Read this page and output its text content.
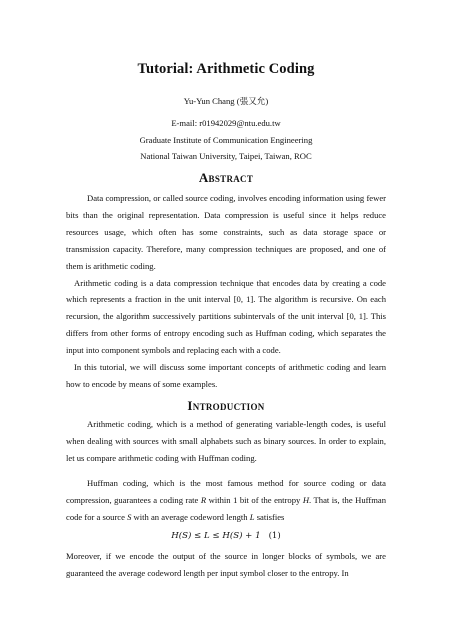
Tutorial: Arithmetic Coding
Yu-Yun Chang (張又允)
E-mail: r01942029@ntu.edu.tw
Graduate Institute of Communication Engineering
National Taiwan University, Taipei, Taiwan, ROC
Abstract

Data compression, or called source coding, involves encoding information using fewer bits than the original representation. Data compression is useful since it helps reduce resources usage, which often has some constraints, such as data storage space or transmission capacity. Therefore, many compression techniques are proposed, and one of them is arithmetic coding.

Arithmetic coding is a data compression technique that encodes data by creating a code which represents a fraction in the unit interval [0, 1]. The algorithm is recursive. On each recursion, the algorithm successively partitions subintervals of the unit interval [0, 1]. This differs from other forms of entropy encoding such as Huffman coding, which separates the input into component symbols and replacing each with a code.

In this tutorial, we will discuss some important concepts of arithmetic coding and learn how to encode by means of some examples.

Introduction

Arithmetic coding, which is a method of generating variable-length codes, is useful when dealing with sources with small alphabets such as binary sources. In order to explain, let us compare arithmetic coding with Huffman coding.

Huffman coding, which is the most famous method for source coding or data compression, guarantees a coding rate R within 1 bit of the entropy H. That is, the Huffman code for a source S with an average codeword length L satisfies

H(S) ≤ L ≤ H(S) + 1 (1)

Moreover, if we encode the output of the source in longer blocks of symbols, we are guaranteed the average codeword length per input symbol closer to the entropy. In
